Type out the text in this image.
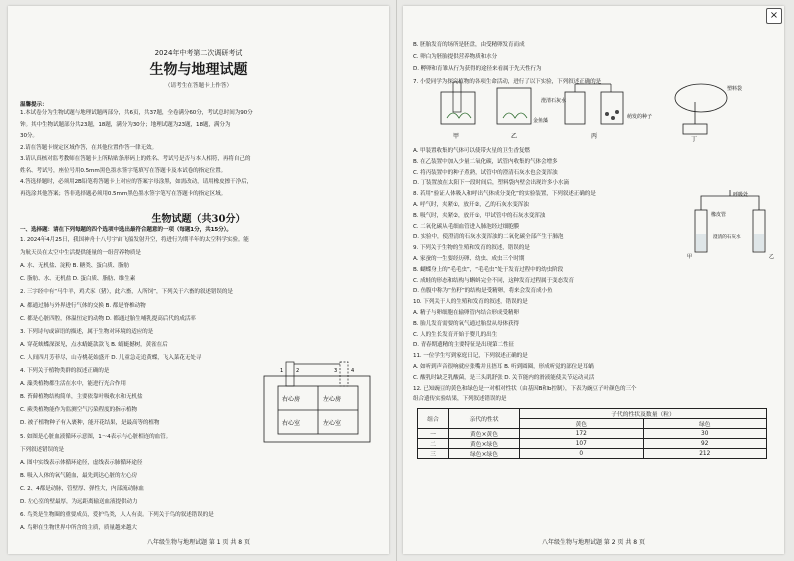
2024年中考第二次调研考试
生物与地理试题
（请考生在答题卡上作答）
温馨提示：
1.本试卷分为生物试题与地理试题两部分，共6页，共37题，全卷满分60分，考试总时间为90分
钟。其中生物试题部分共23题，18题，满分为30分；地理试题为23题，18题，满分为
30分。
2.请在答题卡规定区域作答，在其他位置作答一律无效。
3.请认真核对监考教师在答题卡上所粘贴条形码上的姓名、考试号是否与本人相符，再将自己的
姓名、考试号，座位号用0.5mm黑色墨水签字笔填写在答题卡及本试卷的指定位置。
4.答选择题时，必须用2B铅笔将答题卡上对应的答案字母涂黑，如需改动，请用橡皮擦干净后，
再选涂其他答案；答非选择题必须用0.5mm黑色墨水签字笔写在答题卡的指定区域。
生物试题（共30分）
一、选择题：请在下列每题的四个选项中选出最符合题意的一项（每题1分，共15分）。
1. 2024年4月25日，我国神舟十八号宇宙飞船发射升空，将进行为期半年的太空科学实验。能
为航天员在太空中生活提供能量的一组营养物质是
A. 水、无机盐、淀粉 B. 糖类、蛋白质、脂肪
C. 脂肪、水、无机盐 D. 蛋白质、脂肪、维生素
2. 三字经中有“马牛羊，鸡犬豕（猪），此六畜，人所饲”，下列关于六畜的叙述错误的是
A. 都通过肺与外界进行气体的交换 B. 都是脊椎动物
C. 都是心脏四腔，体温恒定的动物 D. 都通过胎生哺乳提高后代的成活率
3. 下列诗句或谚语的描述，属于生物对环境的适应的是
A. 穿花蛱蝶深深见，点水蜻蜓款款飞 B. 蜻蜓撼树，黄雀在后
C. 人间四月芳菲尽，山寺桃花始盛开 D. 儿童急走追黄蝶，飞入菜花无处寻
4. 下列关于植物类群的叙述正确的是
A. 藻类植物都生活在水中，能进行光合作用
B. 苔藓植物结构简单，主要依靠叶吸收水和无机盐
C. 蕨类植物能作为监测空气污染程度的指示植物
D. 被子植物种子有入裹种，能开花结果，是最高等的植物
5. 如图是心脏血液循环示意图，1～4表示与心脏相连的血管。
下列叙述错误的是
A. 图中实线表示体循环途径，虚线表示肺循环途径
B. 吸入人体的氧气随血，最先到达心脏的左心房
C. 2、4都是动脉，管壁厚、弹性大，内部流动脉血
D. 左心室的壁最厚，为远距离输送血液提供动力
6. 鸟类是生物圈的重要成员，爱护鸟类，人人有责。下列关于鸟的叙述错误的是
A. 鸟卵在生物世界中所含的主质，质量越来越大
右心房	左心房
右心室	左心室
1	2	3	4
八年级生物与地理试题 第 1 页 共 8 页
×
B. 胚胎发育的场所是胚盘，由受精卵发育而成
C. 卵白为胚胎提供营养物质和水分
D. 孵卵和育雏从行为获得的途径来看属于先天性行为
7. 小爱同学为探究植物的各项生命活动，进行了以下实验，下列叙述正确的是
甲	乙	丙	丁
金鱼藻
澄清石灰水
萌发的种子
塑料袋
A. 甲装置收集的气体可以使带火星的卫生香复燃
B. 在乙装置中加入少量二氧化碳，试管内收集的气体会增多
C. 将丙装置中的种子煮熟，试管中的澄清石灰水也会变浑浊
D. 丁装置放在太阳下一段时间后，塑料袋内壁会出现许多小水滴
8. 若用“验证人体吸入和呼出气体成分变化”的实验装置，下列叙述正确的是
A. 呼气时，夹紧①，放开②，乙的石灰水变浑浊
B. 吸气时，夹紧②，放开①，甲试管中的石灰水变浑浊
C. 二氧化碳从毛细血管进入肺泡经过细胞膜
D. 实验中，使澄清的石灰水变浑浊的二氧化碳全部产生于肺泡
9. 下列关于生物的生殖和发育的叙述，错误的是
A. 家蚕的一生要经历卵、幼虫、成虫三个时期
B. 蝴蝶身上的“毛毛虫”，“毛毛虫”处于发育过程中的幼虫阶段
C. 成蛙的形态和结构与蝌蚪完全不同，这种发育过程属于变态发育
D. 鱼腹中称为“鱼籽”的结构是受精卵，将来会发育成小鱼
10. 下列关于人的生殖和发育的叙述，错误的是
A. 精子与卵细胞在输卵管内结合形成受精卵
B. 胎儿发育需要的氧气通过胎盘从母体获得
C. 人的生长发育开始于婴儿的出生
D. 青春期遗精的主要特征是出现第二性征
11. 一位学生写到家庭日记，下列叙述正确的是
A. 如听到声音很响就应张嘴并且捂耳 B. 听到圆圈，形成听觉的部位是耳蜗
C. 酸乳时缺乏乳酸菌，是三头肌舒张 D. 关节能内的滑液能使关节运动灵活
12. 已知豌豆的黄色和绿色是一对相对性状（由基因B和b控制），下表为豌豆子叶颜色的三个
组合遗传实验结果，下列叙述错误的是
呼吸处
橡皮管
澄清的石灰水
甲	乙
组合	亲代的性状	子代的性状及数量（粒）	
		黄色	绿色
一	黄色×黄色	172	30
二	黄色×绿色	107	92
三	绿色×绿色	0	212
八年级生物与地理试题 第 2 页 共 8 页
